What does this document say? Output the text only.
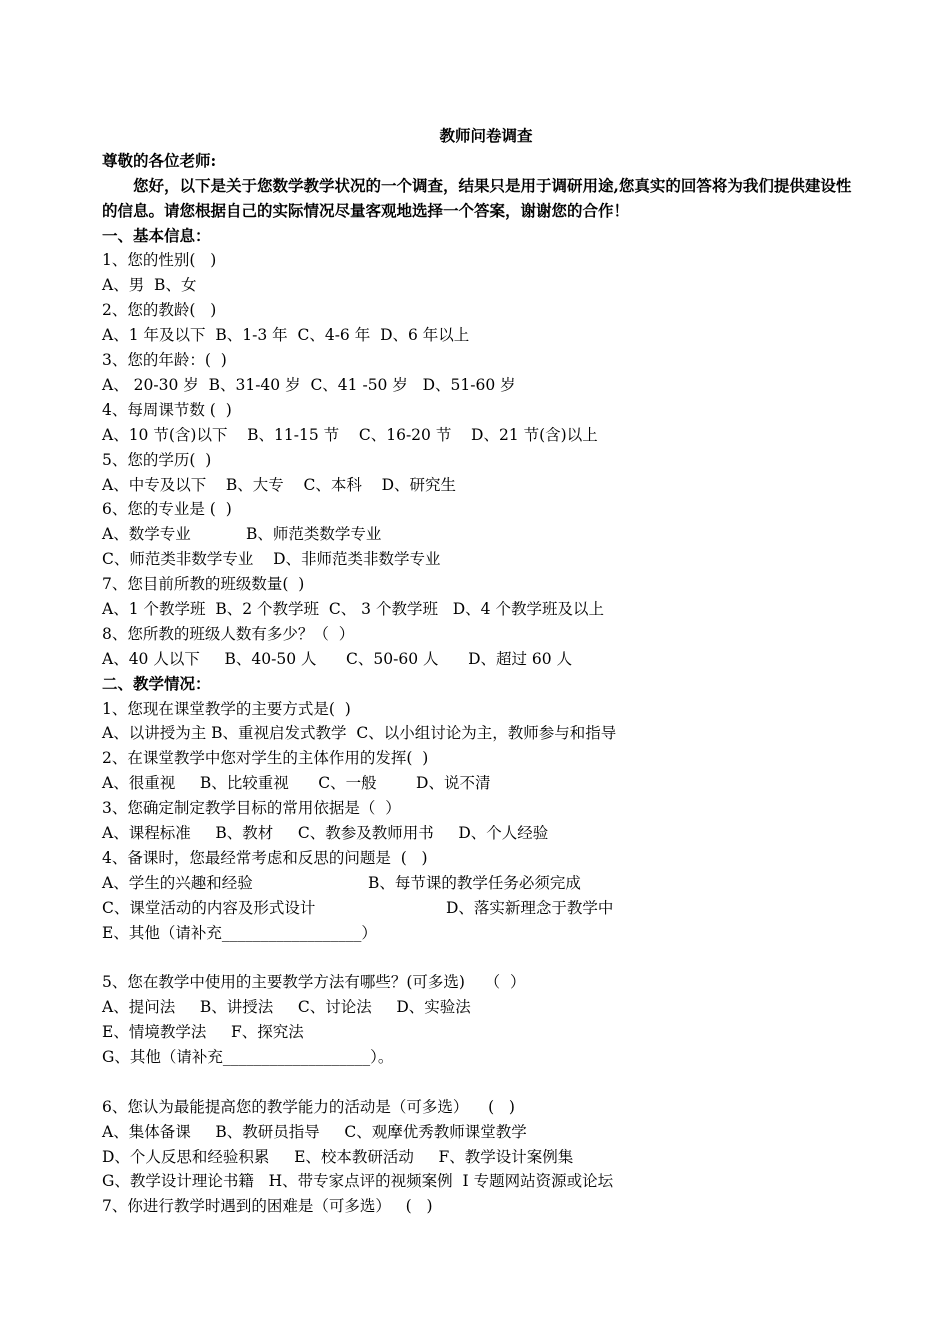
教师问卷调查
尊敬的各位老师:
您好，以下是关于您数学教学状况的一个调查，结果只是用于调研用途,您真实的回答将为我们提供建设性的信息。请您根据自己的实际情况尽量客观地选择一个答案，谢谢您的合作！
一、基本信息：
1、您的性别(   )
A、男  B、女
2、您的教龄(   )
A、1 年及以下  B、1-3 年  C、4-6 年  D、6 年以上
3、您的年龄：(  )
A、 20-30 岁  B、31-40 岁  C、41 -50 岁   D、51-60 岁
4、每周课节数 (  )
A、10 节(含)以下    B、11-15 节    C、16-20 节    D、21 节(含)以上
5、您的学历(  )
A、中专及以下    B、大专    C、本科    D、研究生
6、您的专业是 (  )
A、数学专业	B、师范类数学专业
C、师范类非数学专业    D、非师范类非数学专业
7、您目前所教的班级数量(  )
A、1 个教学班  B、2 个教学班  C、 3 个教学班   D、4 个教学班及以上
8、您所教的班级人数有多少？（  ）
A、40 人以下     B、40-50 人      C、50-60 人      D、超过 60 人
二、教学情况：
1、您现在课堂教学的主要方式是(  )
A、以讲授为主 B、重视启发式教学  C、以小组讨论为主，教师参与和指导
2、在课堂教学中您对学生的主体作用的发挥(  )
A、很重视     B、比较重视      C、一般        D、说不清
3、您确定制定教学目标的常用依据是（  ）
A、课程标准     B、教材     C、教参及教师用书     D、个人经验
4、备课时，您最经常考虑和反思的问题是  (   )
A、学生的兴趣和经验	B、每节课的教学任务必须完成
C、课堂活动的内容及形式设计	D、落实新理念于教学中
E、其他（请补充__________________）
5、您在教学中使用的主要教学方法有哪些？(可多选)    （  ）
A、提问法     B、讲授法     C、讨论法     D、实验法
E、情境教学法     F、探究法
G、其他（请补充___________________）。
6、您认为最能提高您的教学能力的活动是（可多选）    (   )
A、集体备课     B、教研员指导     C、观摩优秀教师课堂教学
D、个人反思和经验积累     E、校本教研活动     F、教学设计案例集
G、教学设计理论书籍   H、带专家点评的视频案例  I 专题网站资源或论坛
7、你进行教学时遇到的困难是（可多选）   (   )
